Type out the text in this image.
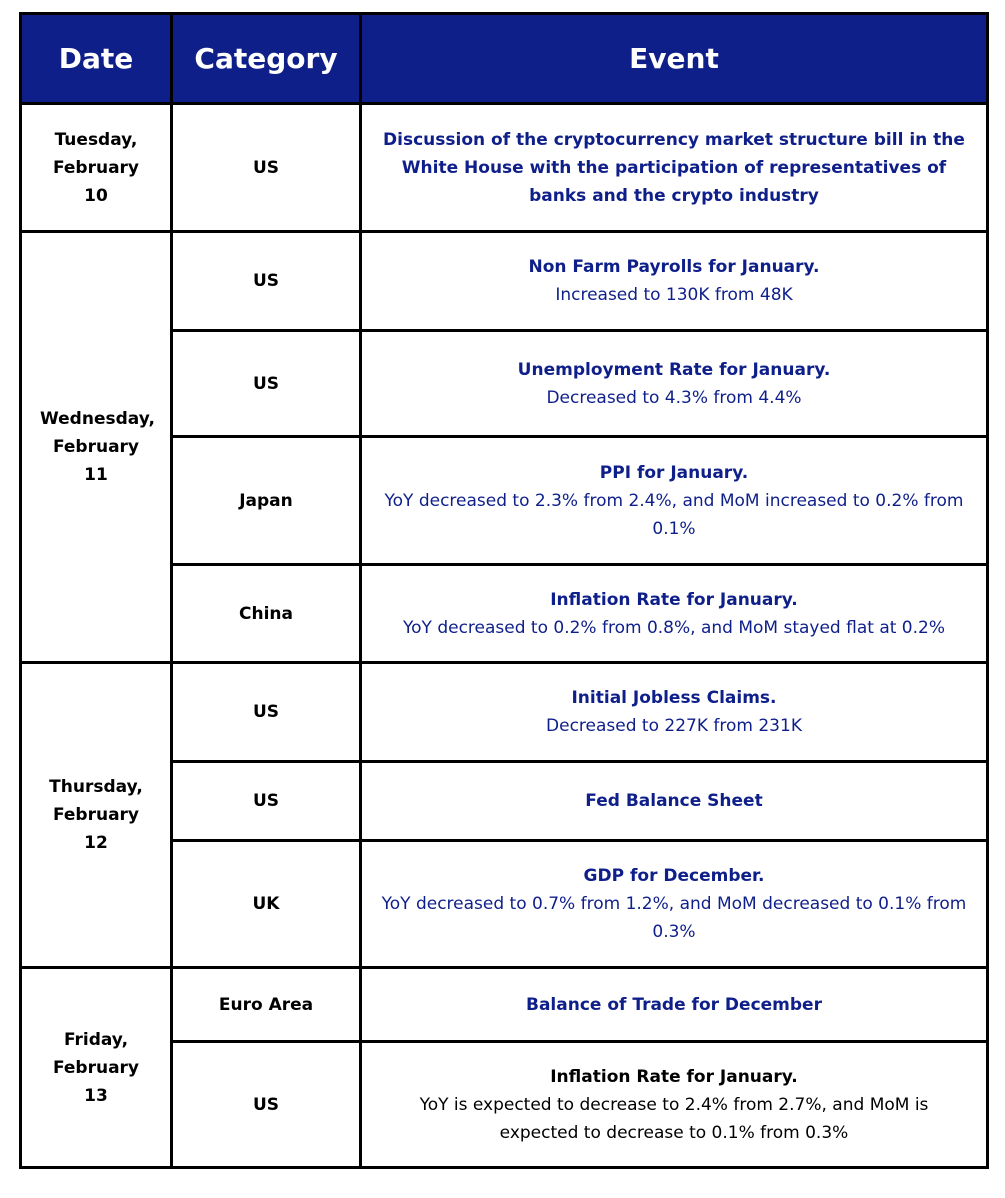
Date	Category	Event

Tuesday,
February 10	US	Discussion of the cryptocurrency market structure bill in the White House with the participation of representatives of banks and the crypto industry

Wednesday,
February 11	US	Non Farm Payrolls for January.
Increased to 130K from 48K

	US	Unemployment Rate for January.
Decreased to 4.3% from 4.4%

	Japan	PPI for January.
YoY decreased to 2.3% from 2.4%, and MoM increased to 0.2% from 0.1%

	China	Inflation Rate for January.
YoY decreased to 0.2% from 0.8%, and MoM stayed flat at 0.2%

Thursday,
February 12	US	Initial Jobless Claims.
Decreased to 227K from 231K

	US	Fed Balance Sheet

	UK	GDP for December.
YoY decreased to 0.7% from 1.2%, and MoM decreased to 0.1% from 0.3%

Friday,
February 13	Euro Area	Balance of Trade for December

	US	Inflation Rate for January.
YoY is expected to decrease to 2.4% from 2.7%, and MoM is expected to decrease to 0.1% from 0.3%
